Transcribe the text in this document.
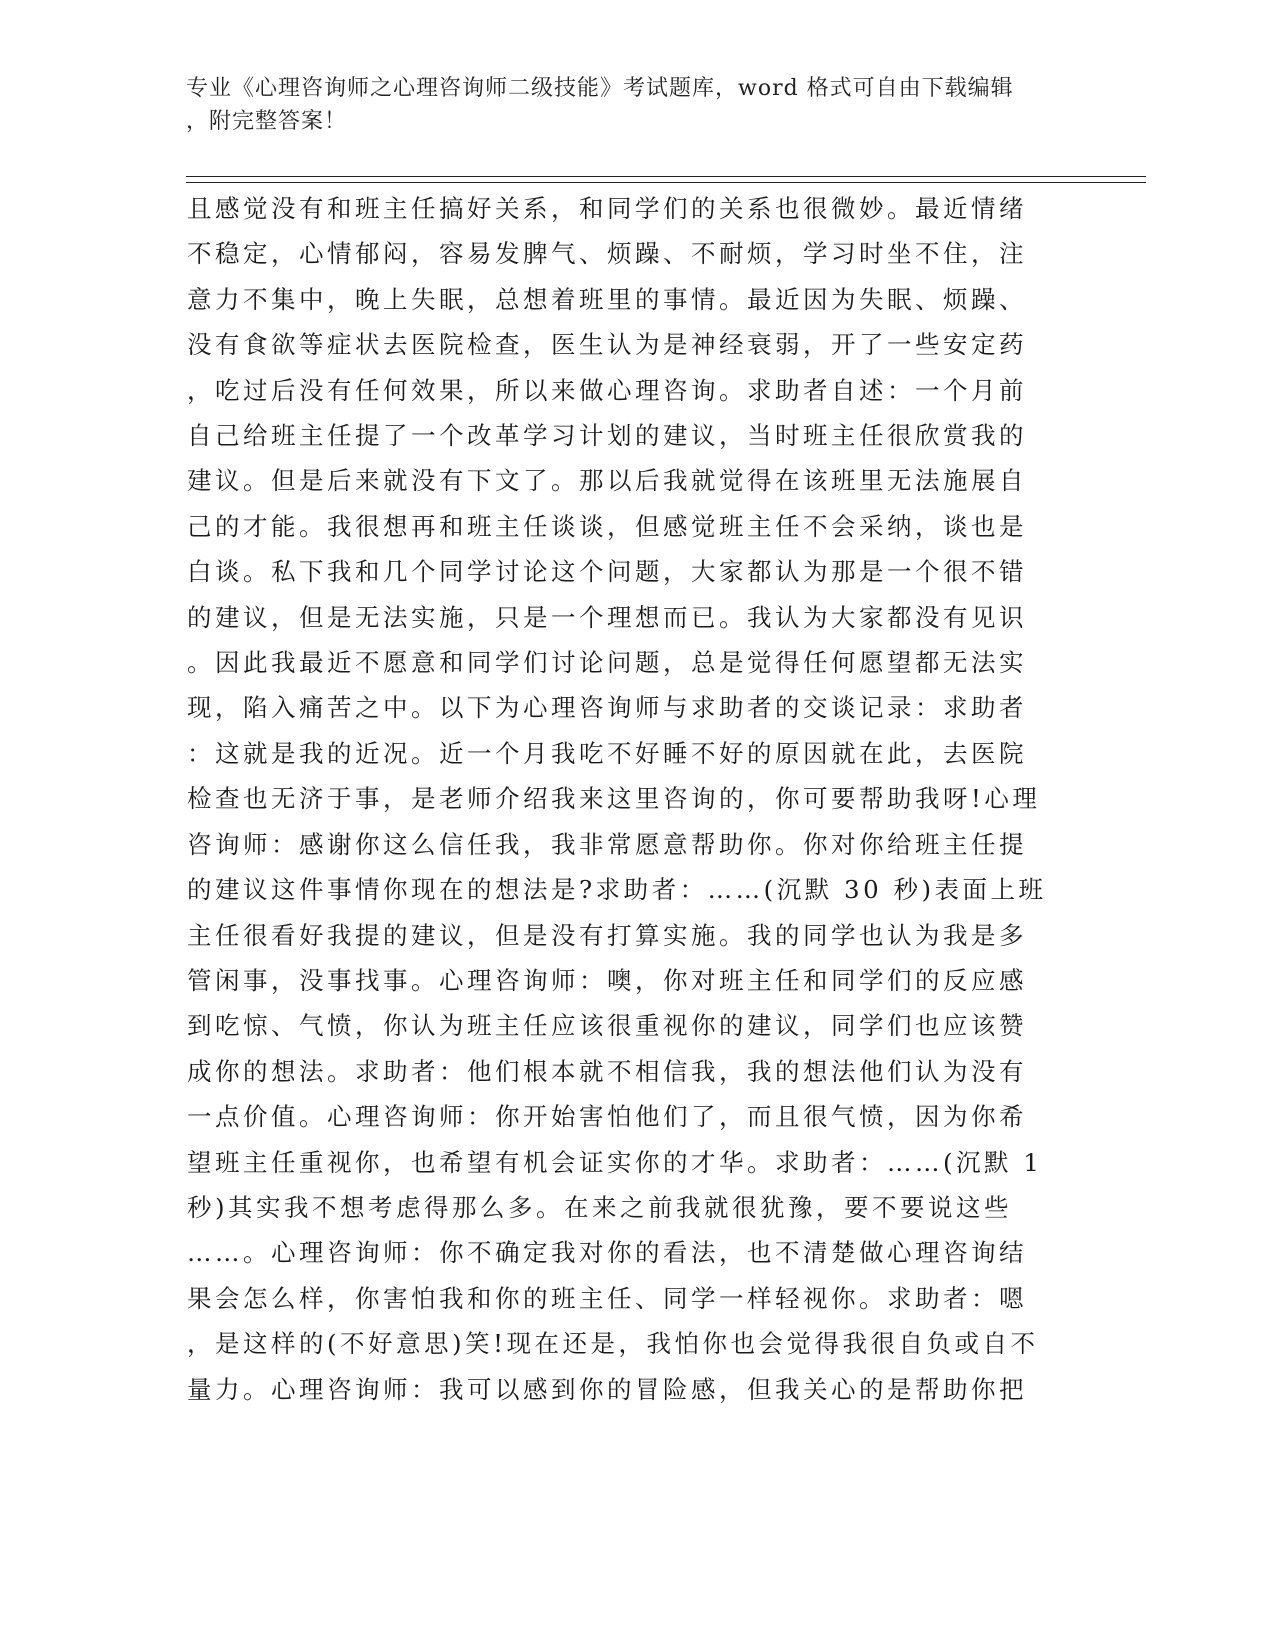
专业《心理咨询师之心理咨询师二级技能》考试题库，word 格式可自由下载编辑
，附完整答案！
且感觉没有和班主任搞好关系，和同学们的关系也很微妙。最近情绪
不稳定，心情郁闷，容易发脾气、烦躁、不耐烦，学习时坐不住，注
意力不集中，晚上失眠，总想着班里的事情。最近因为失眠、烦躁、
没有食欲等症状去医院检查，医生认为是神经衰弱，开了一些安定药
，吃过后没有任何效果，所以来做心理咨询。求助者自述：一个月前
自己给班主任提了一个改革学习计划的建议，当时班主任很欣赏我的
建议。但是后来就没有下文了。那以后我就觉得在该班里无法施展自
己的才能。我很想再和班主任谈谈，但感觉班主任不会采纳，谈也是
白谈。私下我和几个同学讨论这个问题，大家都认为那是一个很不错
的建议，但是无法实施，只是一个理想而已。我认为大家都没有见识
。因此我最近不愿意和同学们讨论问题，总是觉得任何愿望都无法实
现，陷入痛苦之中。以下为心理咨询师与求助者的交谈记录：求助者
：这就是我的近况。近一个月我吃不好睡不好的原因就在此，去医院
检查也无济于事，是老师介绍我来这里咨询的，你可要帮助我呀!心理
咨询师：感谢你这么信任我，我非常愿意帮助你。你对你给班主任提
的建议这件事情你现在的想法是?求助者：……(沉默 30 秒)表面上班
主任很看好我提的建议，但是没有打算实施。我的同学也认为我是多
管闲事，没事找事。心理咨询师：噢，你对班主任和同学们的反应感
到吃惊、气愤，你认为班主任应该很重视你的建议，同学们也应该赞
成你的想法。求助者：他们根本就不相信我，我的想法他们认为没有
一点价值。心理咨询师：你开始害怕他们了，而且很气愤，因为你希
望班主任重视你，也希望有机会证实你的才华。求助者：……(沉默 1
秒)其实我不想考虑得那么多。在来之前我就很犹豫，要不要说这些
……。心理咨询师：你不确定我对你的看法，也不清楚做心理咨询结
果会怎么样，你害怕我和你的班主任、同学一样轻视你。求助者：嗯
，是这样的(不好意思)笑!现在还是，我怕你也会觉得我很自负或自不
量力。心理咨询师：我可以感到你的冒险感，但我关心的是帮助你把
